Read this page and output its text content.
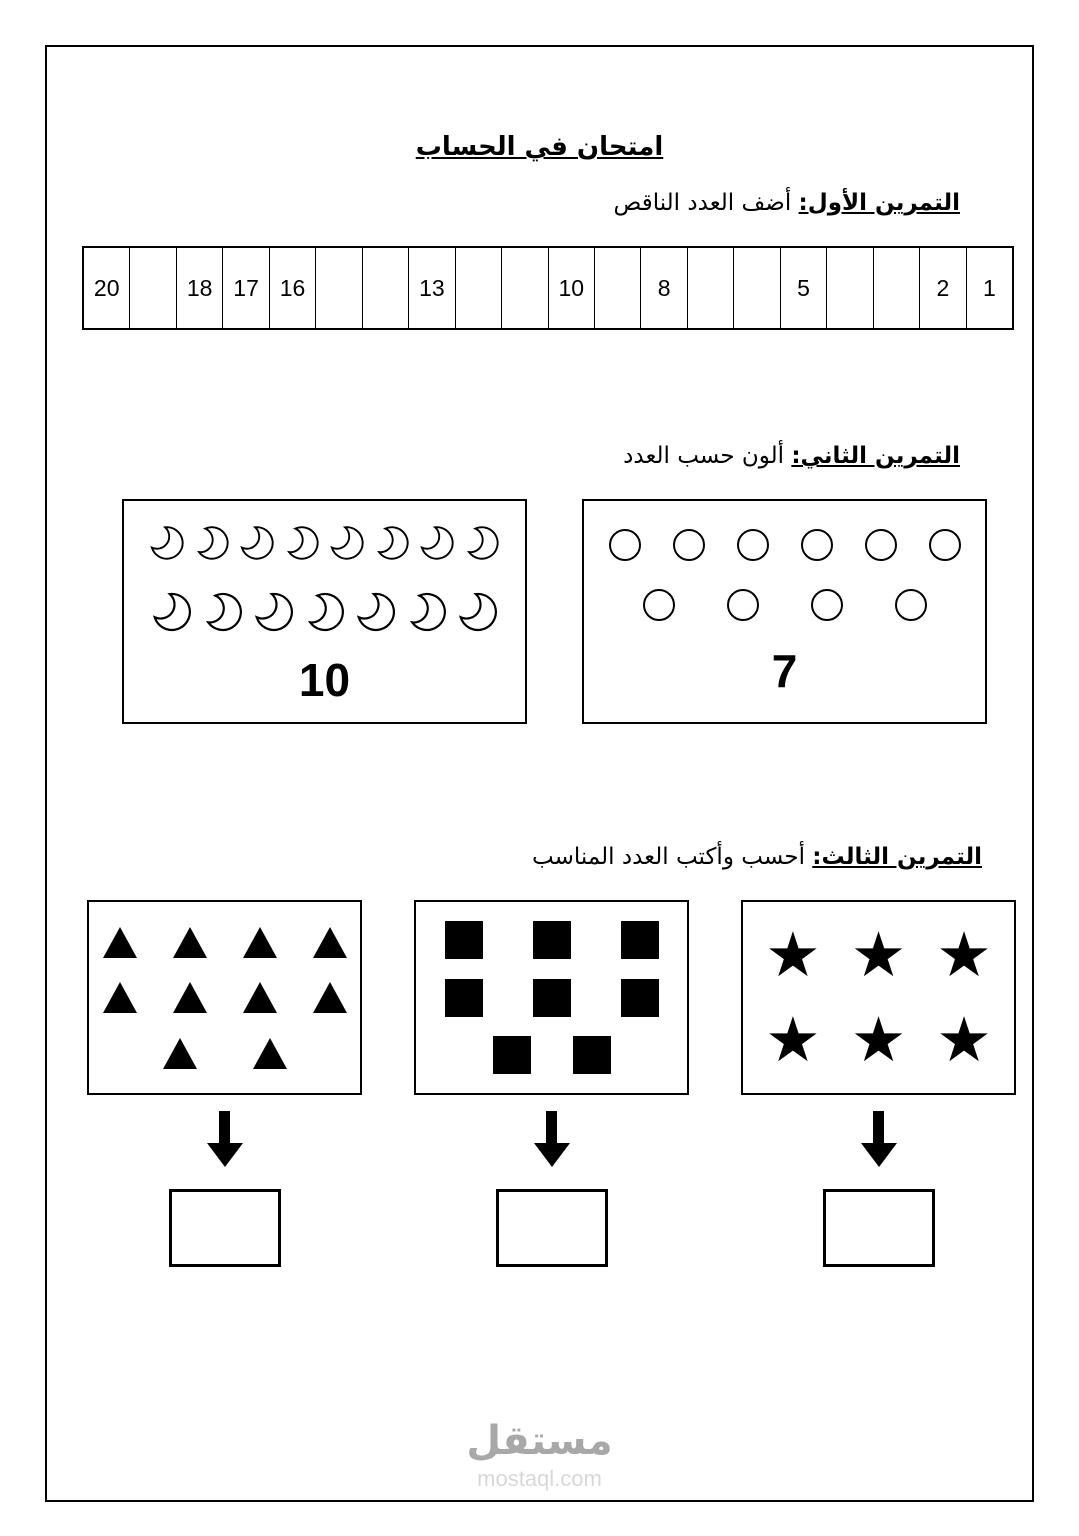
امتحان في الحساب
التمرين الأول: أضف العدد الناقص
20	18 17 16	13	10	8	5	2	1
التمرين الثاني: ألون حسب العدد
10	7
التمرين الثالث: أحسب وأكتب العدد المناسب
★ ★ ★
★ ★ ★
مستقل
mostaql.com
